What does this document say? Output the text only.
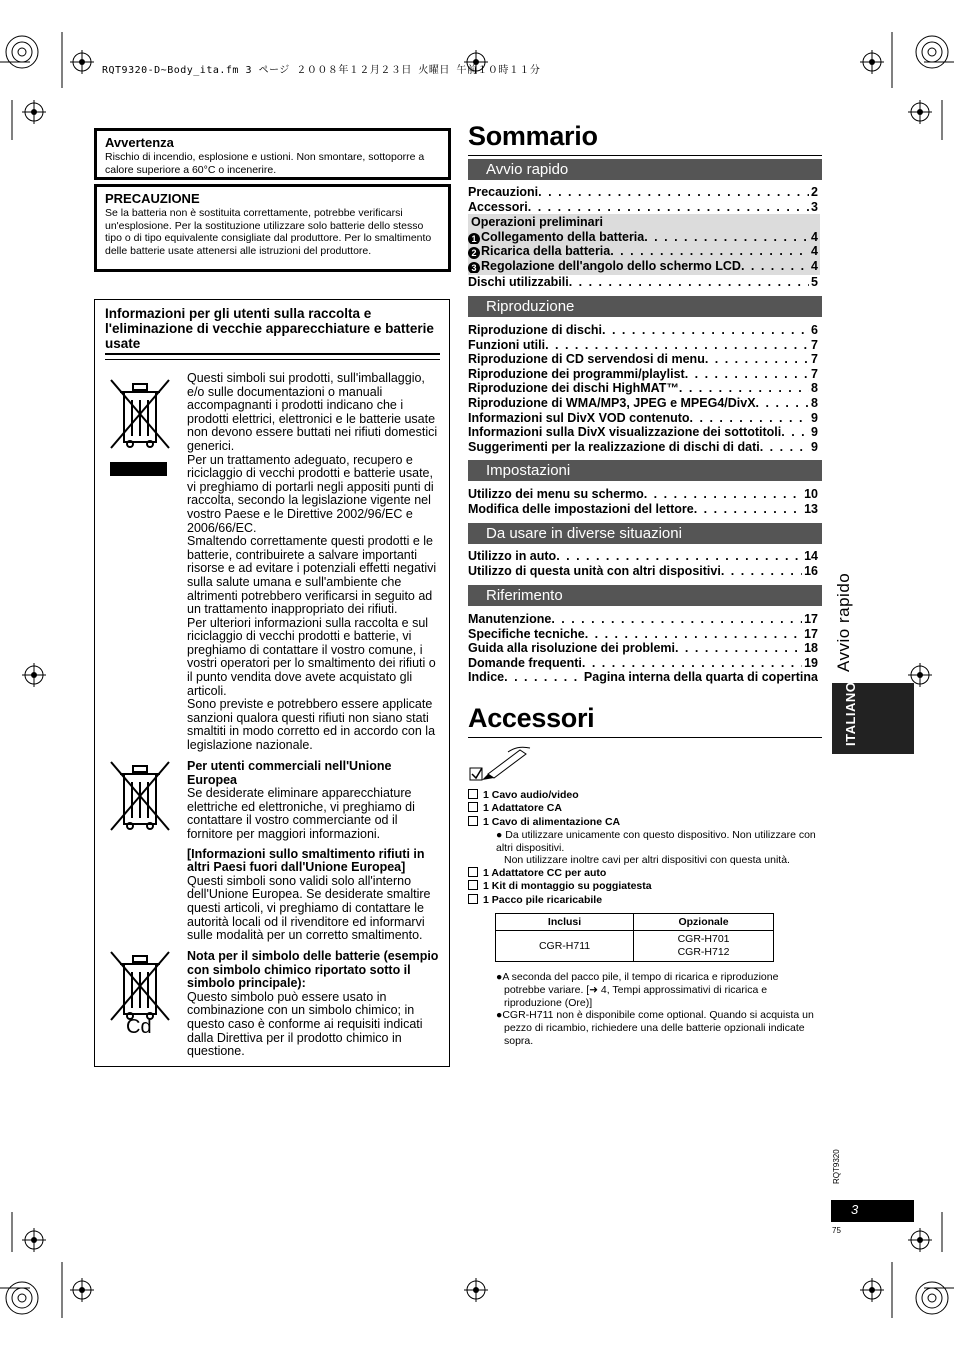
RQT9320-D~Body_ita.fm 3 ページ ２００８年１２月２３日 火曜日 午前１０時１１分
Avvertenza

Rischio di incendio, esplosione e ustioni. Non smontare, sottoporre a calore superiore a 60°C o incenerire.

PRECAUZIONE

Se la batteria non è sostituita correttamente, potrebbe verificarsi un'esplosione. Per la sostituzione utilizzare solo batterie dello stesso tipo o di tipo equivalente consigliate dal produttore. Per lo smaltimento delle batterie usate attenersi alle istruzioni del produttore.

Informazioni per gli utenti sulla raccolta e l'eliminazione di vecchie apparecchiature e batterie usate
Cd

Questi simboli sui prodotti, sull'imballaggio, e/o sulle documentazioni o manuali accompagnanti i prodotti indicano che i prodotti elettrici, elettronici e le batterie usate non devono essere buttati nei rifiuti domestici generici.

Per un trattamento adeguato, recupero e riciclaggio di vecchi prodotti e batterie usate, vi preghiamo di portarli negli appositi punti di raccolta, secondo la legislazione vigente nel vostro Paese e le Direttive 2002/96/EC e 2006/66/EC.

Smaltendo correttamente questi prodotti e le batterie, contribuirete a salvare importanti risorse e ad evitare i potenziali effetti negativi sulla salute umana e sull'ambiente che altrimenti potrebbero verificarsi in seguito ad un trattamento inappropriato dei rifiuti.

Per ulteriori informazioni sulla raccolta e sul riciclaggio di vecchi prodotti e batterie, vi preghiamo di contattare il vostro comune, i vostri operatori per lo smaltimento dei rifiuti o il punto vendita dove avete acquistato gli articoli.

Sono previste e potrebbero essere applicate sanzioni qualora questi rifiuti non siano stati smaltiti in modo corretto ed in accordo con la legislazione nazionale.

Per utenti commerciali nell'Unione Europea

Se desiderate eliminare apparecchiature elettriche ed elettroniche, vi preghiamo di contattare il vostro commerciante od il fornitore per maggiori informazioni.

[Informazioni sullo smaltimento rifiuti in altri Paesi fuori dall'Unione Europea]

Questi simboli sono validi solo all'interno dell'Unione Europea. Se desiderate smaltire questi articoli, vi preghiamo di contattare le autorità locali od il rivenditore ed informarvi sulle modalità per un corretto smaltimento.

Nota per il simbolo delle batterie (esempio con simbolo chimico riportato sotto il simbolo principale):

Questo simbolo può essere usato in combinazione con un simbolo chimico; in questo caso è conforme ai requisiti indicati dalla Direttiva per il prodotto chimico in questione.

Sommario
Avvio rapido
Precauzioni . . .	2
Accessori . . .	3
Operazioni preliminari
1 Collegamento della batteria . . .	4
2 Ricarica della batteria . . .	4
3 Regolazione dell'angolo dello schermo LCD . . .	4
Dischi utilizzabili . . .	5
Riproduzione
Riproduzione di dischi . . .	6
Funzioni utili . . .	7
Riproduzione di CD servendosi di menu . . .	7
Riproduzione dei programmi/playlist . . .	7
Riproduzione dei dischi HighMAT™ . . .	8
Riproduzione di WMA/MP3, JPEG e MPEG4/DivX . . .	8
Informazioni sul DivX VOD contenuto . . .	9
Informazioni sulla DivX visualizzazione dei sottotitoli . . . 9
Suggerimenti per la realizzazione di dischi di dati . . .	9
Impostazioni
Utilizzo dei menu su schermo . . .	10
Modifica delle impostazioni del lettore . . .	13
Da usare in diverse situazioni
Utilizzo in auto . . .	14
Utilizzo di questa unità con altri dispositivi . . .	16
Riferimento
Manutenzione . . .	17
Specifiche tecniche . . .	17
Guida alla risoluzione dei problemi . . .	18
Domande frequenti . . .	19
Indice . . .	Pagina interna della quarta di copertina
Accessori

1 Cavo audio/video

1 Adattatore CA

1 Cavo di alimentazione CA

● Da utilizzare unicamente con questo dispositivo. Non utilizzare con altri dispositivi.

Non utilizzare inoltre cavi per altri dispositivi con questa unità.

1 Adattatore CC per auto

1 Kit di montaggio su poggiatesta

1 Pacco pile ricaricabile

Inclusi	Opzionale
CGR-H711	CGR-H701
CGR-H712

●A seconda del pacco pile, il tempo di ricarica e riproduzione potrebbe variare. [➜ 4, Tempi approssimativi di ricarica e riproduzione (Ore)]

●CGR-H711 non è disponibile come optional. Quando si acquista un pezzo di ricambio, richiedere una delle batterie opzionali indicate sopra.

Avvio rapido
ITALIANO
RQT9320
3
75
